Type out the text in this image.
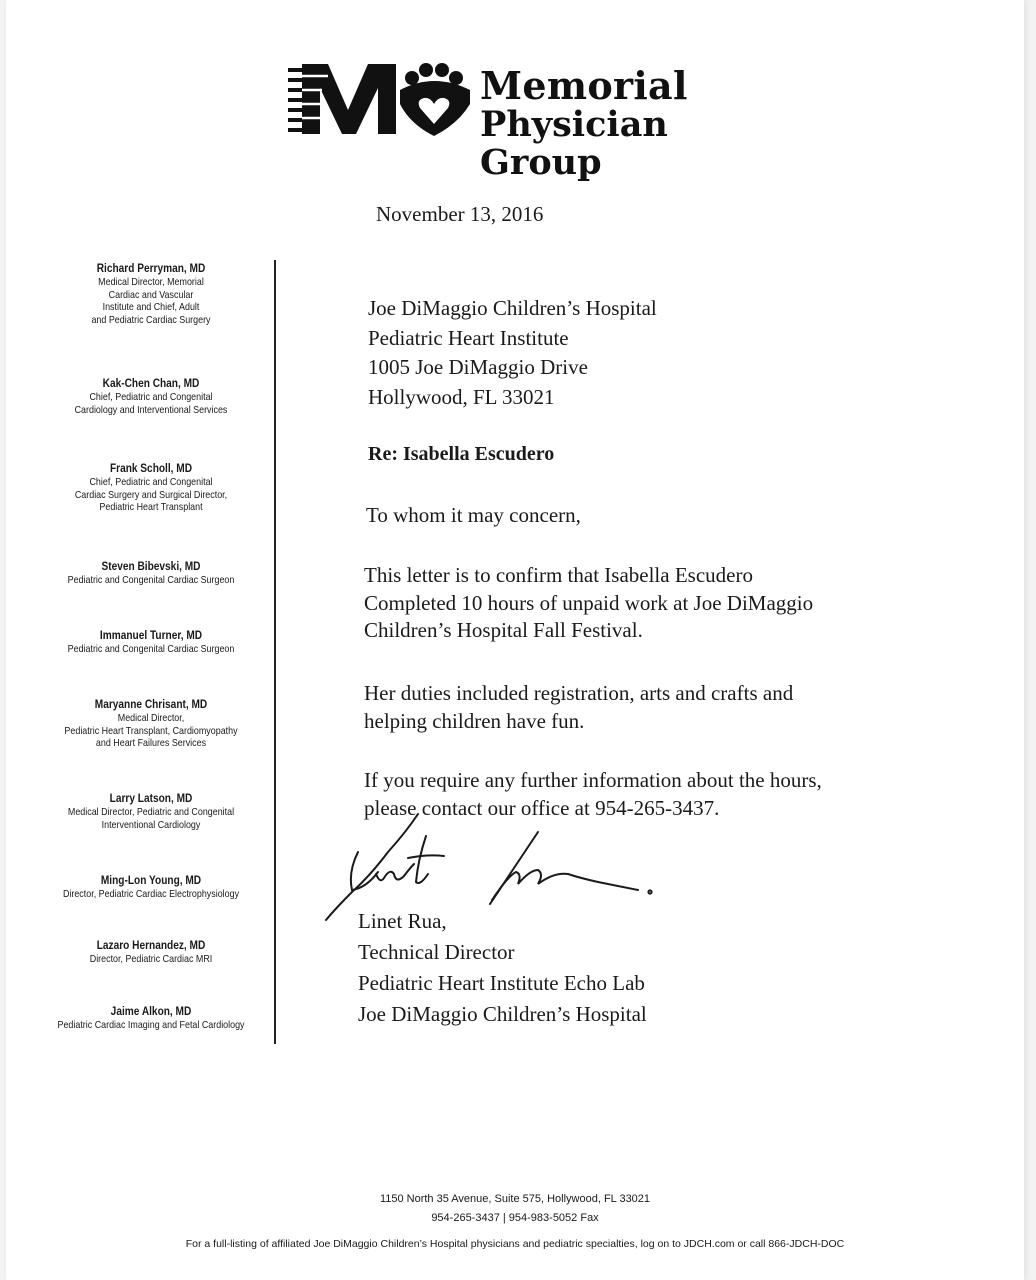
Memorial
Physician Group
November 13, 2016
Richard Perryman, MD
Medical Director, Memorial
Cardiac and Vascular
Institute and Chief, Adult
and Pediatric Cardiac Surgery
Kak-Chen Chan, MD
Chief, Pediatric and Congenital
Cardiology and Interventional Services
Frank Scholl, MD
Chief, Pediatric and Congenital
Cardiac Surgery and Surgical Director,
Pediatric Heart Transplant
Steven Bibevski, MD
Pediatric and Congenital Cardiac Surgeon
Immanuel Turner, MD
Pediatric and Congenital Cardiac Surgeon
Maryanne Chrisant, MD
Medical Director,
Pediatric Heart Transplant, Cardiomyopathy
and Heart Failures Services
Larry Latson, MD
Medical Director, Pediatric and Congenital
Interventional Cardiology
Ming-Lon Young, MD
Director, Pediatric Cardiac Electrophysiology
Lazaro Hernandez, MD
Director, Pediatric Cardiac MRI
Jaime Alkon, MD
Pediatric Cardiac Imaging and Fetal Cardiology
Joe DiMaggio Children’s Hospital
Pediatric Heart Institute
1005 Joe DiMaggio Drive
Hollywood, FL 33021
Re: Isabella Escudero
To whom it may concern,
This letter is to confirm that Isabella Escudero
Completed 10 hours of unpaid work at Joe DiMaggio
Children’s Hospital Fall Festival.
Her duties included registration, arts and crafts and
helping children have fun.
If you require any further information about the hours,
please contact our office at 954-265-3437.
Linet Rua,
Technical Director
Pediatric Heart Institute Echo Lab
Joe DiMaggio Children’s Hospital
1150 North 35 Avenue, Suite 575, Hollywood, FL 33021
954-265-3437 | 954-983-5052 Fax
For a full-listing of affiliated Joe DiMaggio Children’s Hospital physicians and pediatric specialties, log on to JDCH.com or call 866-JDCH-DOC
